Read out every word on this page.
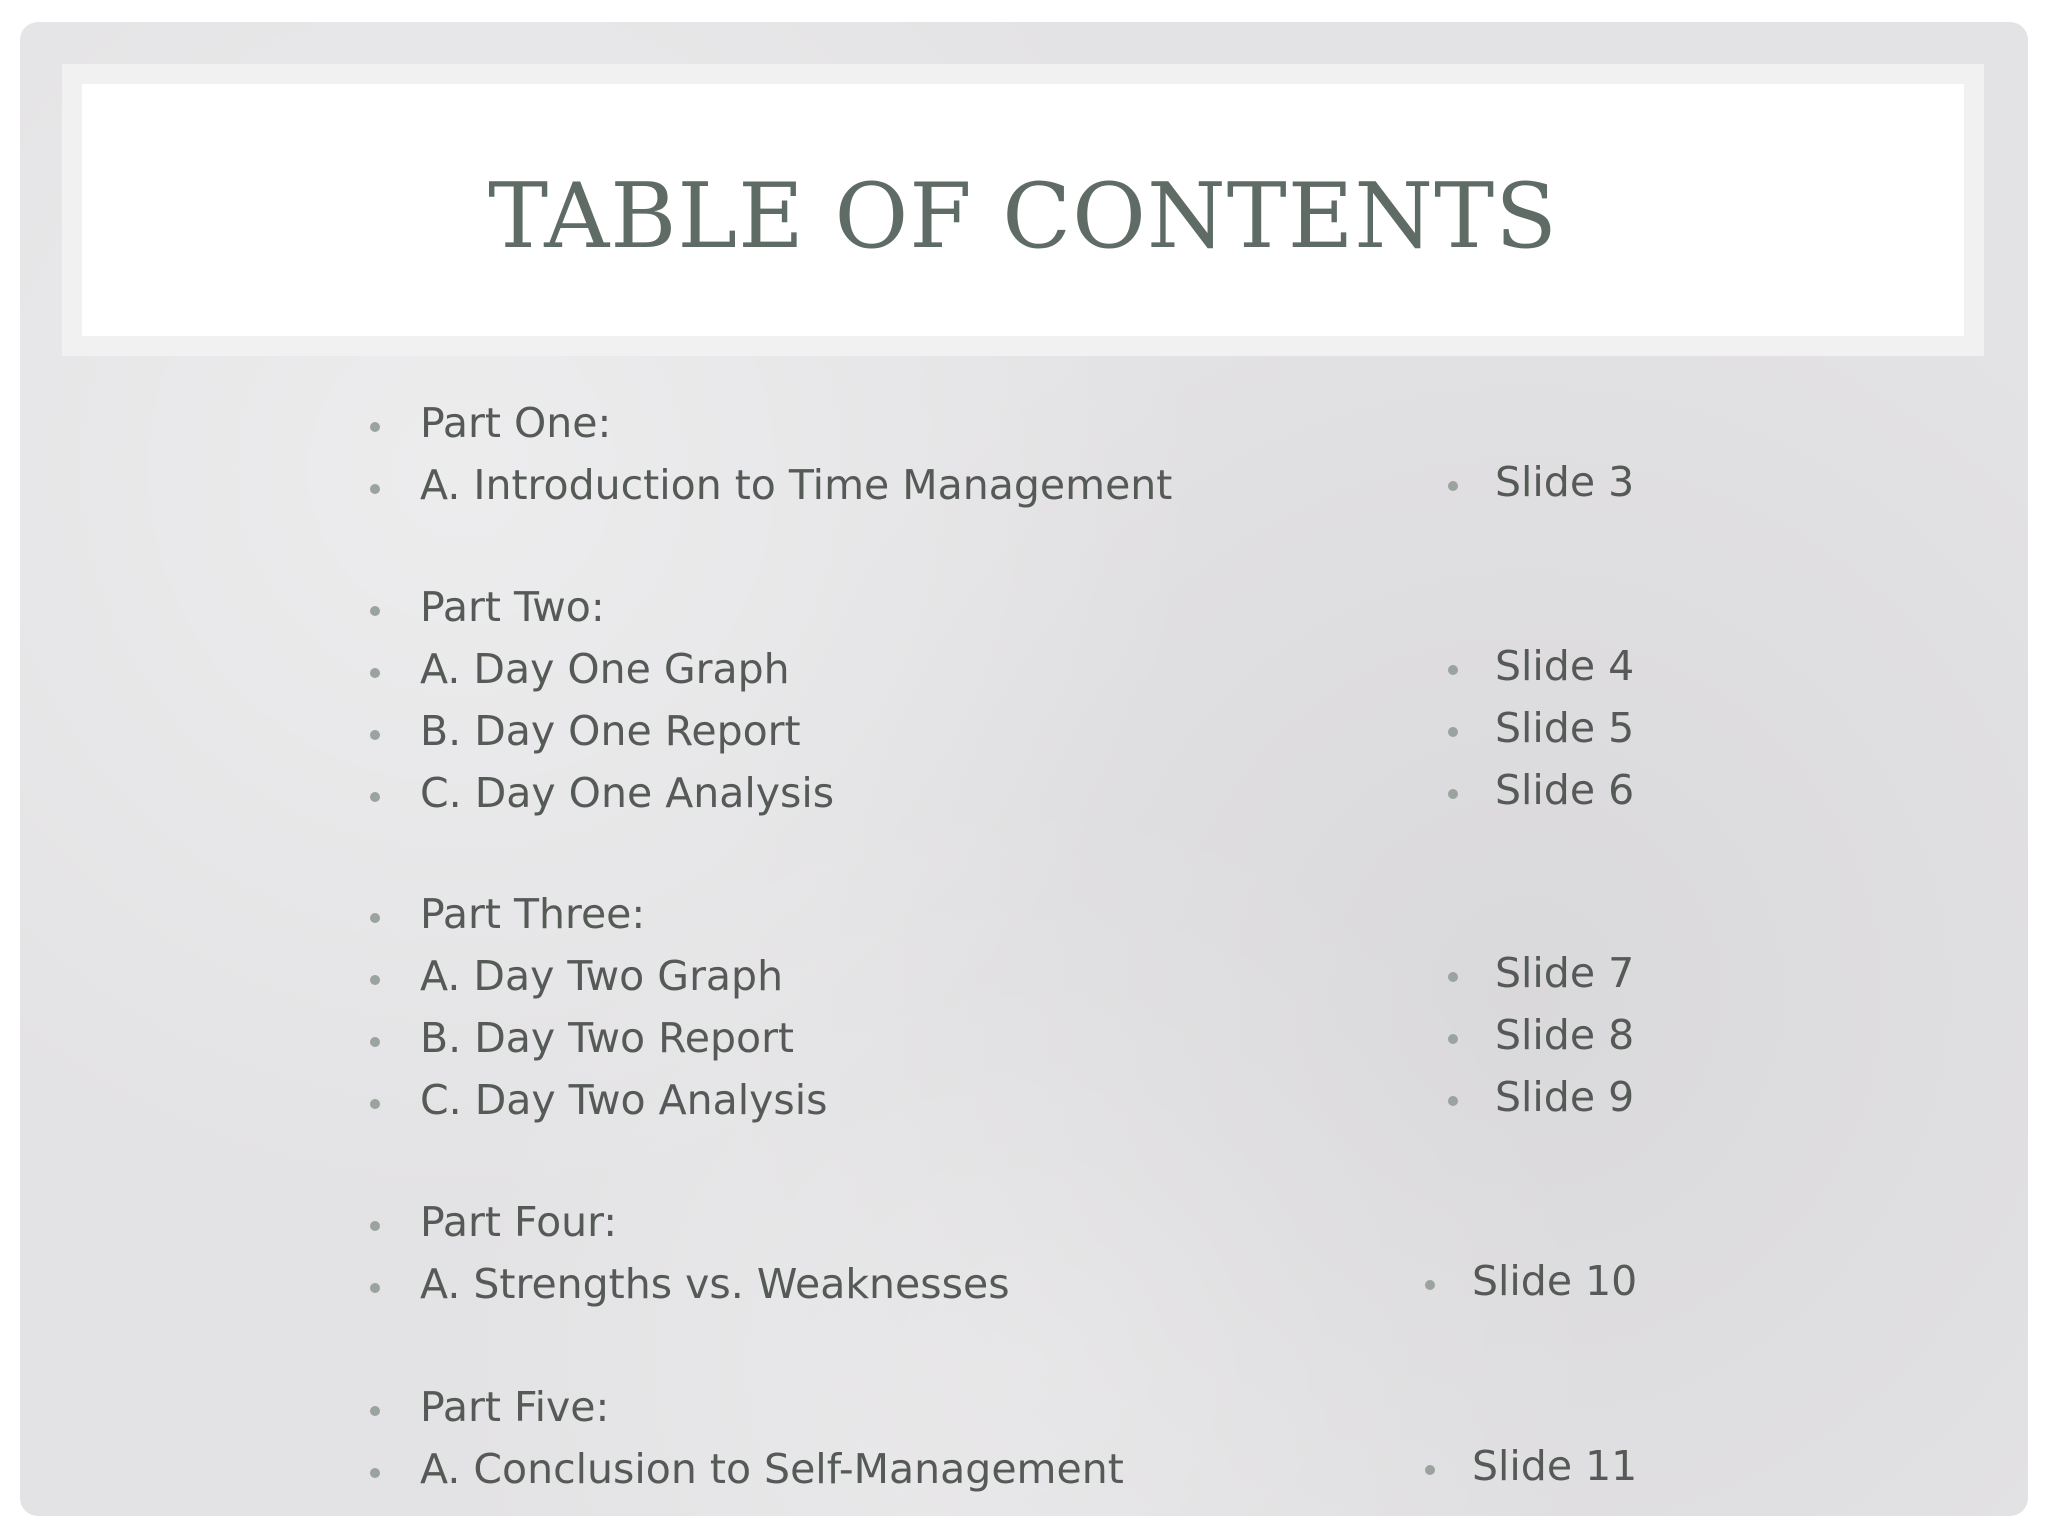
TABLE OF CONTENTS
Part One:
A. Introduction to Time Management
Part Two:
A. Day One Graph
B. Day One Report
C. Day One Analysis
Part Three:
A. Day Two Graph
B. Day Two Report
C. Day Two Analysis
Part Four:
A. Strengths vs. Weaknesses
Part Five:
A. Conclusion to Self-Management
Slide 3
Slide 4
Slide 5
Slide 6
Slide 7
Slide 8
Slide 9
Slide 10
Slide 11
